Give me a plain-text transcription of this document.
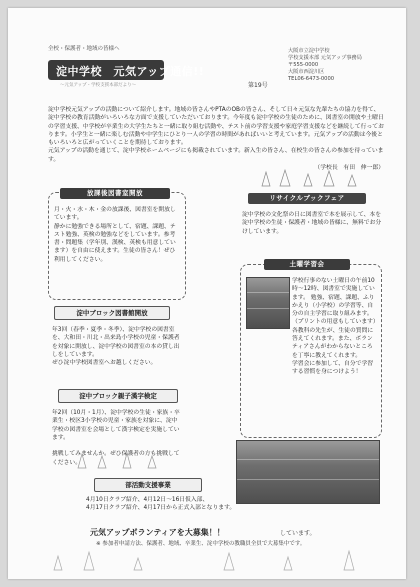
全校・保護者・地域の皆様へ
淀中学校　元気アップ通信!!
～元気アップ・学校支援本部だより～	第19号
大阪市立淀中学校
学校支援本部 元気アップ事務局
〒555-0000
大阪市西淀川区
TEL06-6473-0000
淀中学校元気アップの活動について紹介します。地域の皆さんやPTAのOBの皆さん、そして日々元気な先輩たちの協力を得て、淀中学校の教育活動がいろいろな方面で支援していただいております。今年度も淀中学校の生徒のために、図書室の開放や土曜日の学習支援、中学校が卒業生の大学生たちと一緒に取り組む活動や、テスト前の学習支援や家庭学習支援などを継続して行っております。小学生と一緒に楽しむ活動や中学生にひとり一人の学習の時間があればいいと考えています。元気アップの活動は今後ともいろいろと広がっていくことを期待しております。
元気アップの活動を通じて、淀中学校ホームページにも掲載されています。新入生の皆さん、在校生の皆さんの参加を待っています。
（学校長　有田　伸一郎）
放課後図書室開放
月・火・水・木・金の放課後、図書室を開放しています。
静かに勉強できる場所として、宿題、課題、テスト勉強、英検の勉強などをしています。参考書・問題集（学年別、漢検、英検も用意しています）を自由に使えます。生徒の皆さん！ぜひ利用してください。
淀中ブロック図書館開放
年3回（春季・夏季・冬季）、淀中学校の図書室を、大和田・川北・出来島小学校の児童・保護者を対象に開放し、淀中学校の図書室の本の貸し出しをしています。
ぜひ淀中学校図書室へお越しください。
淀中ブロック親子漢字検定
年2回（10月・1月）、淀中学校の生徒・家族・卒業生・校区3小学校の児童・家族を対象に、淀中学校の図書室を会場として漢字検定を実施しています。

挑戦してみませんか。ぜひ保護者の方も挑戦してください。
リサイクルブックフェア
淀中学校の文化祭の日に図書室で本を展示して、本を淀中学校の生徒・保護者・地域の皆様に、無料でお分けしています。
土曜学習会
学校行事のない土曜日の午前10時～12時、図書室で実施しています。 勉強、宿題、課題、ふりかえり（小学校）の学習等、自分の自主学習に取り組みます。（プリントの用意もしています）各教科の先生が、生徒の質問に答えてくれます。また、ボランティアさんがわからないところを丁寧に教えてくれます。
学習会に参加して、自分で学習する習慣を身につけよう！
部活動支援事業
4月10日クラブ紹介、4月12日～16日仮入部、
4月17日クラブ紹介、4月17日から正式入部となります。
元気アップボランティアを大募集！！	しています。
※ 参加者申請方法、保護者、地域、卒業生、淀中学校の教職員全員で大募集中です。
